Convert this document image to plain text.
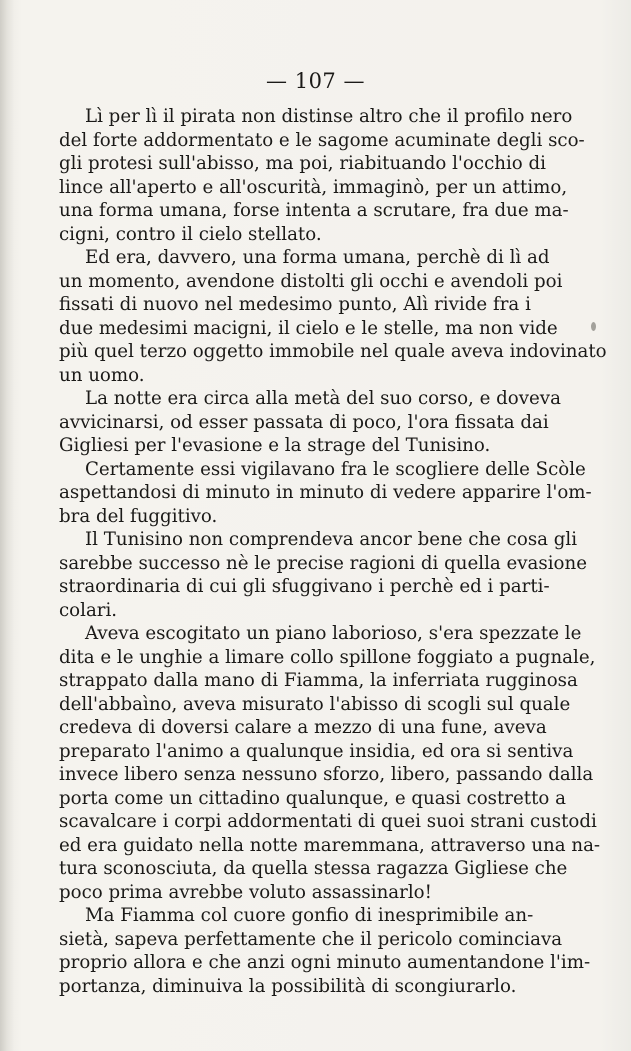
— 107 —

Lì per lì il pirata non distinse altro che il profilo nero
del forte addormentato e le sagome acuminate degli sco-
gli protesi sull'abisso, ma poi, riabituando l'occhio di
lince all'aperto e all'oscurità, immaginò, per un attimo,
una forma umana, forse intenta a scrutare, fra due ma-
cigni, contro il cielo stellato.

Ed era, davvero, una forma umana, perchè di lì ad
un momento, avendone distolti gli occhi e avendoli poi
fissati di nuovo nel medesimo punto, Alì rivide fra i
due medesimi macigni, il cielo e le stelle, ma non vide
più quel terzo oggetto immobile nel quale aveva indovinato
un uomo.

La notte era circa alla metà del suo corso, e doveva
avvicinarsi, od esser passata di poco, l'ora fissata dai
Gigliesi per l'evasione e la strage del Tunisino.

Certamente essi vigilavano fra le scogliere delle Scòle
aspettandosi di minuto in minuto di vedere apparire l'om-
bra del fuggitivo.

Il Tunisino non comprendeva ancor bene che cosa gli
sarebbe successo nè le precise ragioni di quella evasione
straordinaria di cui gli sfuggivano i perchè ed i parti-
colari.

Aveva escogitato un piano laborioso, s'era spezzate le
dita e le unghie a limare collo spillone foggiato a pugnale,
strappato dalla mano di Fiamma, la inferriata rugginosa
dell'abbaìno, aveva misurato l'abisso di scogli sul quale
credeva di doversi calare a mezzo di una fune, aveva
preparato l'animo a qualunque insidia, ed ora si sentiva
invece libero senza nessuno sforzo, libero, passando dalla
porta come un cittadino qualunque, e quasi costretto a
scavalcare i corpi addormentati di quei suoi strani custodi
ed era guidato nella notte maremmana, attraverso una na-
tura sconosciuta, da quella stessa ragazza Gigliese che
poco prima avrebbe voluto assassinarlo!

Ma Fiamma col cuore gonfio di inesprimibile an-
sietà, sapeva perfettamente che il pericolo cominciava
proprio allora e che anzi ogni minuto aumentandone l'im-
portanza, diminuiva la possibilità di scongiurarlo.
